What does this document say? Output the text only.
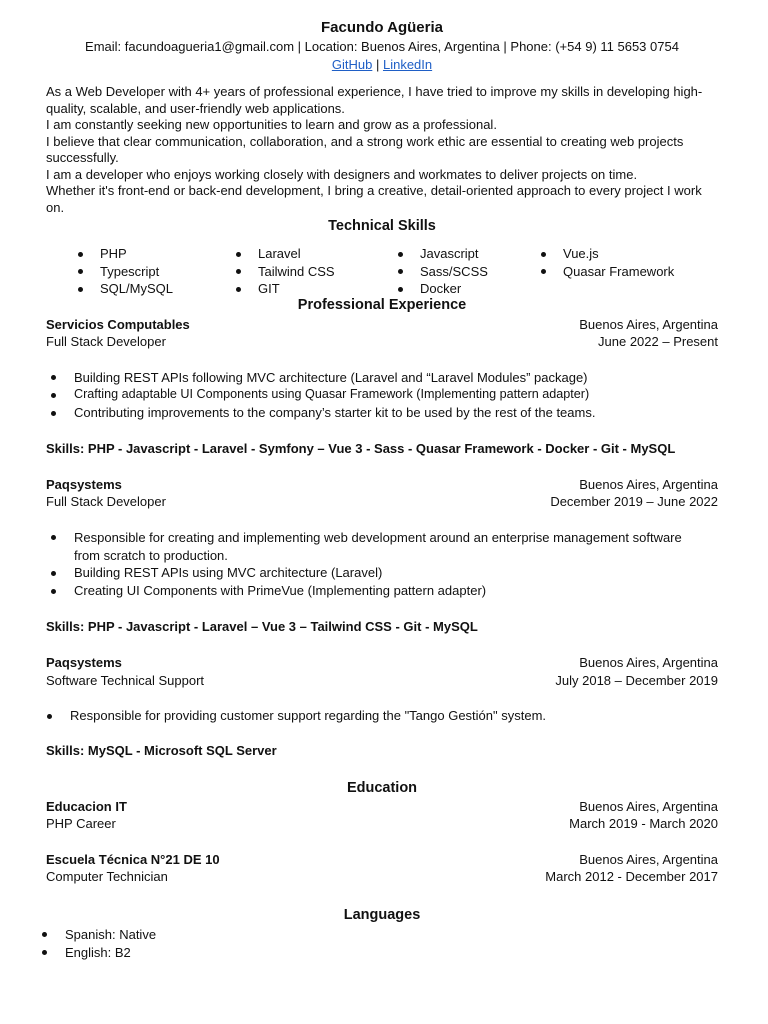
Facundo Agüeria
Email: facundoagueria1@gmail.com | Location: Buenos Aires, Argentina | Phone: (+54 9) 11 5653 0754
GitHub | LinkedIn

As a Web Developer with 4+ years of professional experience, I have tried to improve my skills in developing high-quality, scalable, and user-friendly web applications.

I am constantly seeking new opportunities to learn and grow as a professional.

I believe that clear communication, collaboration, and a strong work ethic are essential to creating web projects successfully.

I am a developer who enjoys working closely with designers and workmates to deliver projects on time.

Whether it's front-end or back-end development, I bring a creative, detail-oriented approach to every project I work on.

Technical Skills
PHP
Typescript
SQL/MySQL
Laravel
Tailwind CSS
GIT
Javascript
Sass/SCSS
Docker
Vue.js
Quasar Framework
Professional Experience
Servicios Computables	Buenos Aires, Argentina
Full Stack Developer	June 2022 – Present
Building REST APIs following MVC architecture (Laravel and “Laravel Modules” package)
Crafting adaptable UI Components using Quasar Framework (Implementing pattern adapter)
Contributing improvements to the company’s starter kit to be used by the rest of the teams.
Skills: PHP - Javascript - Laravel - Symfony – Vue 3 - Sass - Quasar Framework - Docker - Git - MySQL
Paqsystems	Buenos Aires, Argentina
Full Stack Developer	December 2019 – June 2022
Responsible for creating and implementing web development around an enterprise management software from scratch to production.
Building REST APIs using MVC architecture (Laravel)
Creating UI Components with PrimeVue (Implementing pattern adapter)
Skills: PHP - Javascript - Laravel – Vue 3 – Tailwind CSS - Git - MySQL
Paqsystems	Buenos Aires, Argentina
Software Technical Support	July 2018 – December 2019
Responsible for providing customer support regarding the "Tango Gestión" system.
Skills: MySQL - Microsoft SQL Server
Education
Educacion IT	Buenos Aires, Argentina
PHP Career	March 2019 - March 2020
Escuela Técnica N°21 DE 10	Buenos Aires, Argentina
Computer Technician	March 2012 - December 2017
Languages
Spanish: Native
English: B2
